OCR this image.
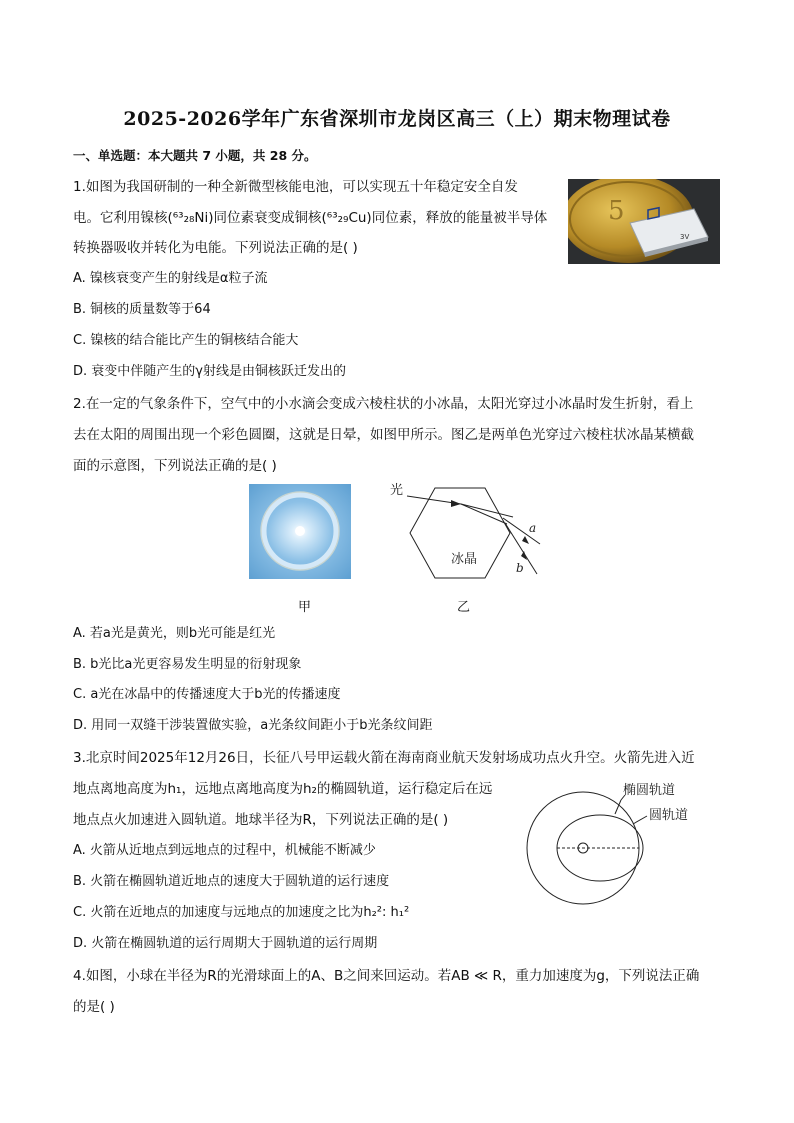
2025-2026学年广东省深圳市龙岗区高三（上）期末物理试卷
一、单选题：本大题共 7 小题，共 28 分。
1.如图为我国研制的一种全新微型核能电池，可以实现五十年稳定安全自发
电。它利用镍核(⁶³₂₈Ni)同位素衰变成铜核(⁶³₂₉Cu)同位素，释放的能量被半导体
转换器吸收并转化为电能。下列说法正确的是( )
5
3V
A. 镍核衰变产生的射线是α粒子流
B. 铜核的质量数等于64
C. 镍核的结合能比产生的铜核结合能大
D. 衰变中伴随产生的γ射线是由铜核跃迁发出的
2.在一定的气象条件下，空气中的小水滴会变成六棱柱状的小冰晶，太阳光穿过小冰晶时发生折射，看上
去在太阳的周围出现一个彩色圆圈，这就是日晕，如图甲所示。图乙是两单色光穿过六棱柱状冰晶某横截
面的示意图，下列说法正确的是( )
光
冰晶
a
b
甲	乙
A. 若a光是黄光，则b光可能是红光
B. b光比a光更容易发生明显的衍射现象
C. a光在冰晶中的传播速度大于b光的传播速度
D. 用同一双缝干涉装置做实验，a光条纹间距小于b光条纹间距
3.北京时间2025年12月26日，长征八号甲运载火箭在海南商业航天发射场成功点火升空。火箭先进入近
地点离地高度为h₁，远地点离地高度为h₂的椭圆轨道，运行稳定后在远
地点点火加速进入圆轨道。地球半径为R，下列说法正确的是( )
椭圆轨道
圆轨道
A. 火箭从近地点到远地点的过程中，机械能不断减少
B. 火箭在椭圆轨道近地点的速度大于圆轨道的运行速度
C. 火箭在近地点的加速度与远地点的加速度之比为h₂²: h₁²
D. 火箭在椭圆轨道的运行周期大于圆轨道的运行周期
4.如图，小球在半径为R的光滑球面上的A、B之间来回运动。若AB ≪ R，重力加速度为g，下列说法正确
的是( )
